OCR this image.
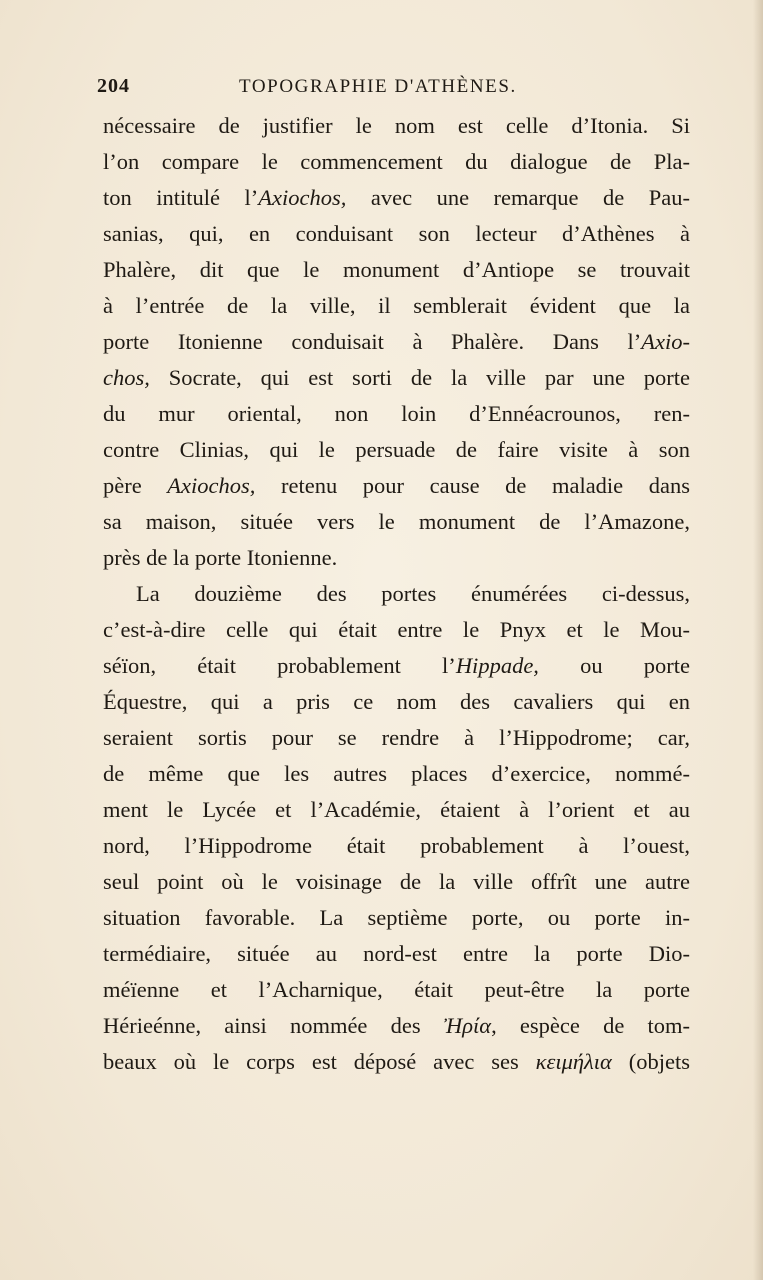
204	TOPOGRAPHIE D'ATHÈNES.
nécessaire de justifier le nom est celle d’Itonia. Si
l’on compare le commencement du dialogue de Pla-
ton intitulé l’Axiochos, avec une remarque de Pau-
sanias, qui, en conduisant son lecteur d’Athènes à
Phalère, dit que le monument d’Antiope se trouvait
à l’entrée de la ville, il semblerait évident que la
porte Itonienne conduisait à Phalère. Dans l’Axio-
chos, Socrate, qui est sorti de la ville par une porte
du mur oriental, non loin d’Ennéacrounos, ren-
contre Clinias, qui le persuade de faire visite à son
père Axiochos, retenu pour cause de maladie dans
sa maison, située vers le monument de l’Amazone,
près de la porte Itonienne.
La douzième des portes énumérées ci-dessus,
c’est-à-dire celle qui était entre le Pnyx et le Mou-
séïon, était probablement l’Hippade, ou porte
Équestre, qui a pris ce nom des cavaliers qui en
seraient sortis pour se rendre à l’Hippodrome; car,
de même que les autres places d’exercice, nommé-
ment le Lycée et l’Académie, étaient à l’orient et au
nord, l’Hippodrome était probablement à l’ouest,
seul point où le voisinage de la ville offrît une autre
situation favorable. La septième porte, ou porte in-
termédiaire, située au nord-est entre la porte Dio-
méïenne et l’Acharnique, était peut-être la porte
Hérieénne, ainsi nommée des Ἠρία, espèce de tom-
beaux où le corps est déposé avec ses κειμήλια (objets
